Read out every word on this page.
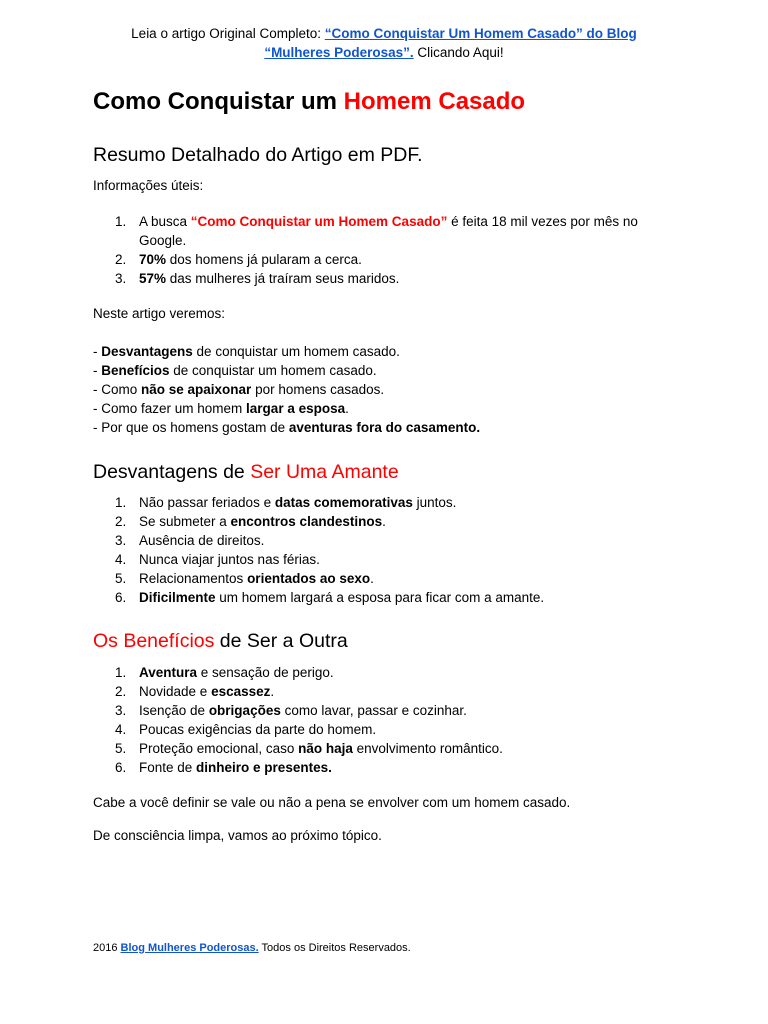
Leia o artigo Original Completo: “Como Conquistar Um Homem Casado” do Blog
“Mulheres Poderosas”. Clicando Aqui!
Como Conquistar um Homem Casado
Resumo Detalhado do Artigo em PDF.

Informações úteis:

1. A busca “Como Conquistar um Homem Casado” é feita 18 mil vezes por mês no
Google.
2. 70% dos homens já pularam a cerca.
3. 57% das mulheres já traíram seus maridos.

Neste artigo veremos:

- Desvantagens de conquistar um homem casado.
- Benefícios de conquistar um homem casado.
- Como não se apaixonar por homens casados.
- Como fazer um homem largar a esposa.
- Por que os homens gostam de aventuras fora do casamento.
Desvantagens de Ser Uma Amante
1. Não passar feriados e datas comemorativas juntos.
2. Se submeter a encontros clandestinos.
3. Ausência de direitos.
4. Nunca viajar juntos nas férias.
5. Relacionamentos orientados ao sexo.
6. Dificilmente um homem largará a esposa para ficar com a amante.
Os Benefícios de Ser a Outra
1. Aventura e sensação de perigo.
2. Novidade e escassez.
3. Isenção de obrigações como lavar, passar e cozinhar.
4. Poucas exigências da parte do homem.
5. Proteção emocional, caso não haja envolvimento romântico.
6. Fonte de dinheiro e presentes.

Cabe a você definir se vale ou não a pena se envolver com um homem casado.

De consciência limpa, vamos ao próximo tópico.

2016 Blog Mulheres Poderosas. Todos os Direitos Reservados.
